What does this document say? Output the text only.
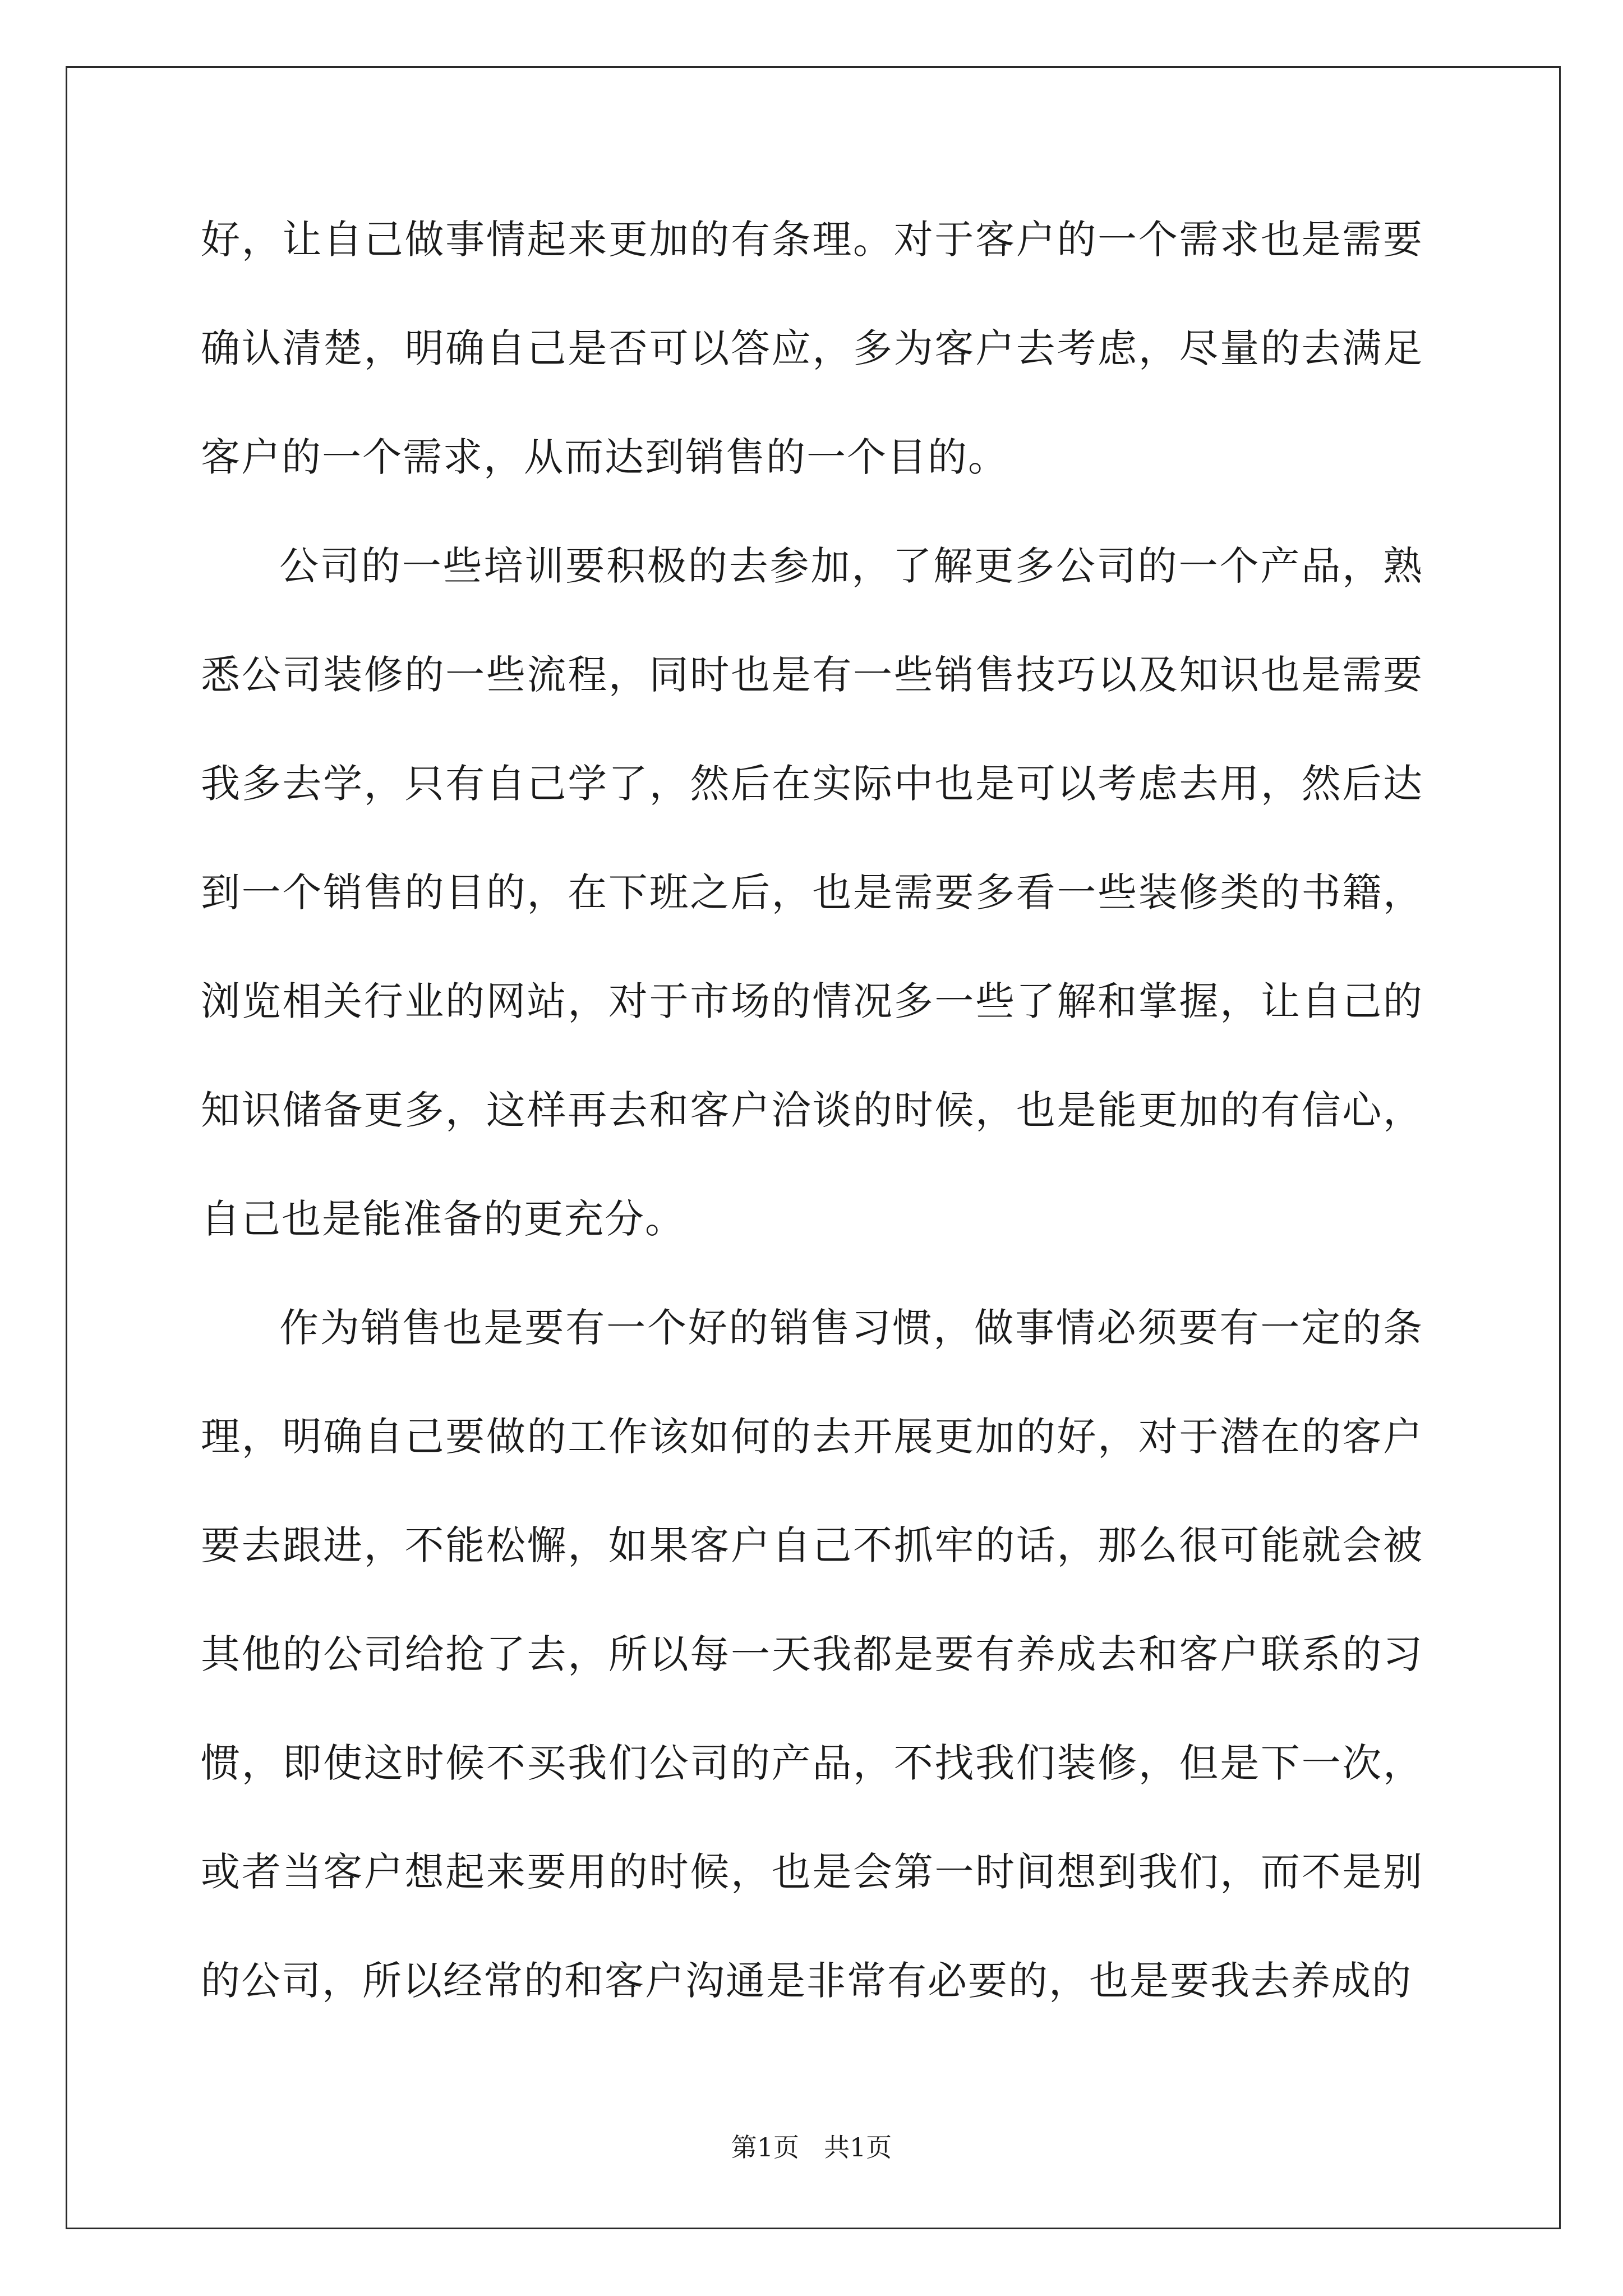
好，让自己做事情起来更加的有条理。对于客户的一个需求也是需要确认清楚，明确自己是否可以答应，多为客户去考虑，尽量的去满足客户的一个需求，从而达到销售的一个目的。

公司的一些培训要积极的去参加，了解更多公司的一个产品，熟悉公司装修的一些流程，同时也是有一些销售技巧以及知识也是需要我多去学，只有自己学了，然后在实际中也是可以考虑去用，然后达到一个销售的目的，在下班之后，也是需要多看一些装修类的书籍，浏览相关行业的网站，对于市场的情况多一些了解和掌握，让自己的知识储备更多，这样再去和客户洽谈的时候，也是能更加的有信心，自己也是能准备的更充分。

作为销售也是要有一个好的销售习惯，做事情必须要有一定的条理，明确自己要做的工作该如何的去开展更加的好，对于潜在的客户要去跟进，不能松懈，如果客户自己不抓牢的话，那么很可能就会被其他的公司给抢了去，所以每一天我都是要有养成去和客户联系的习惯，即使这时候不买我们公司的产品，不找我们装修，但是下一次，或者当客户想起来要用的时候，也是会第一时间想到我们，而不是别的公司，所以经常的和客户沟通是非常有必要的，也是要我去养成的

第1页 共1页
